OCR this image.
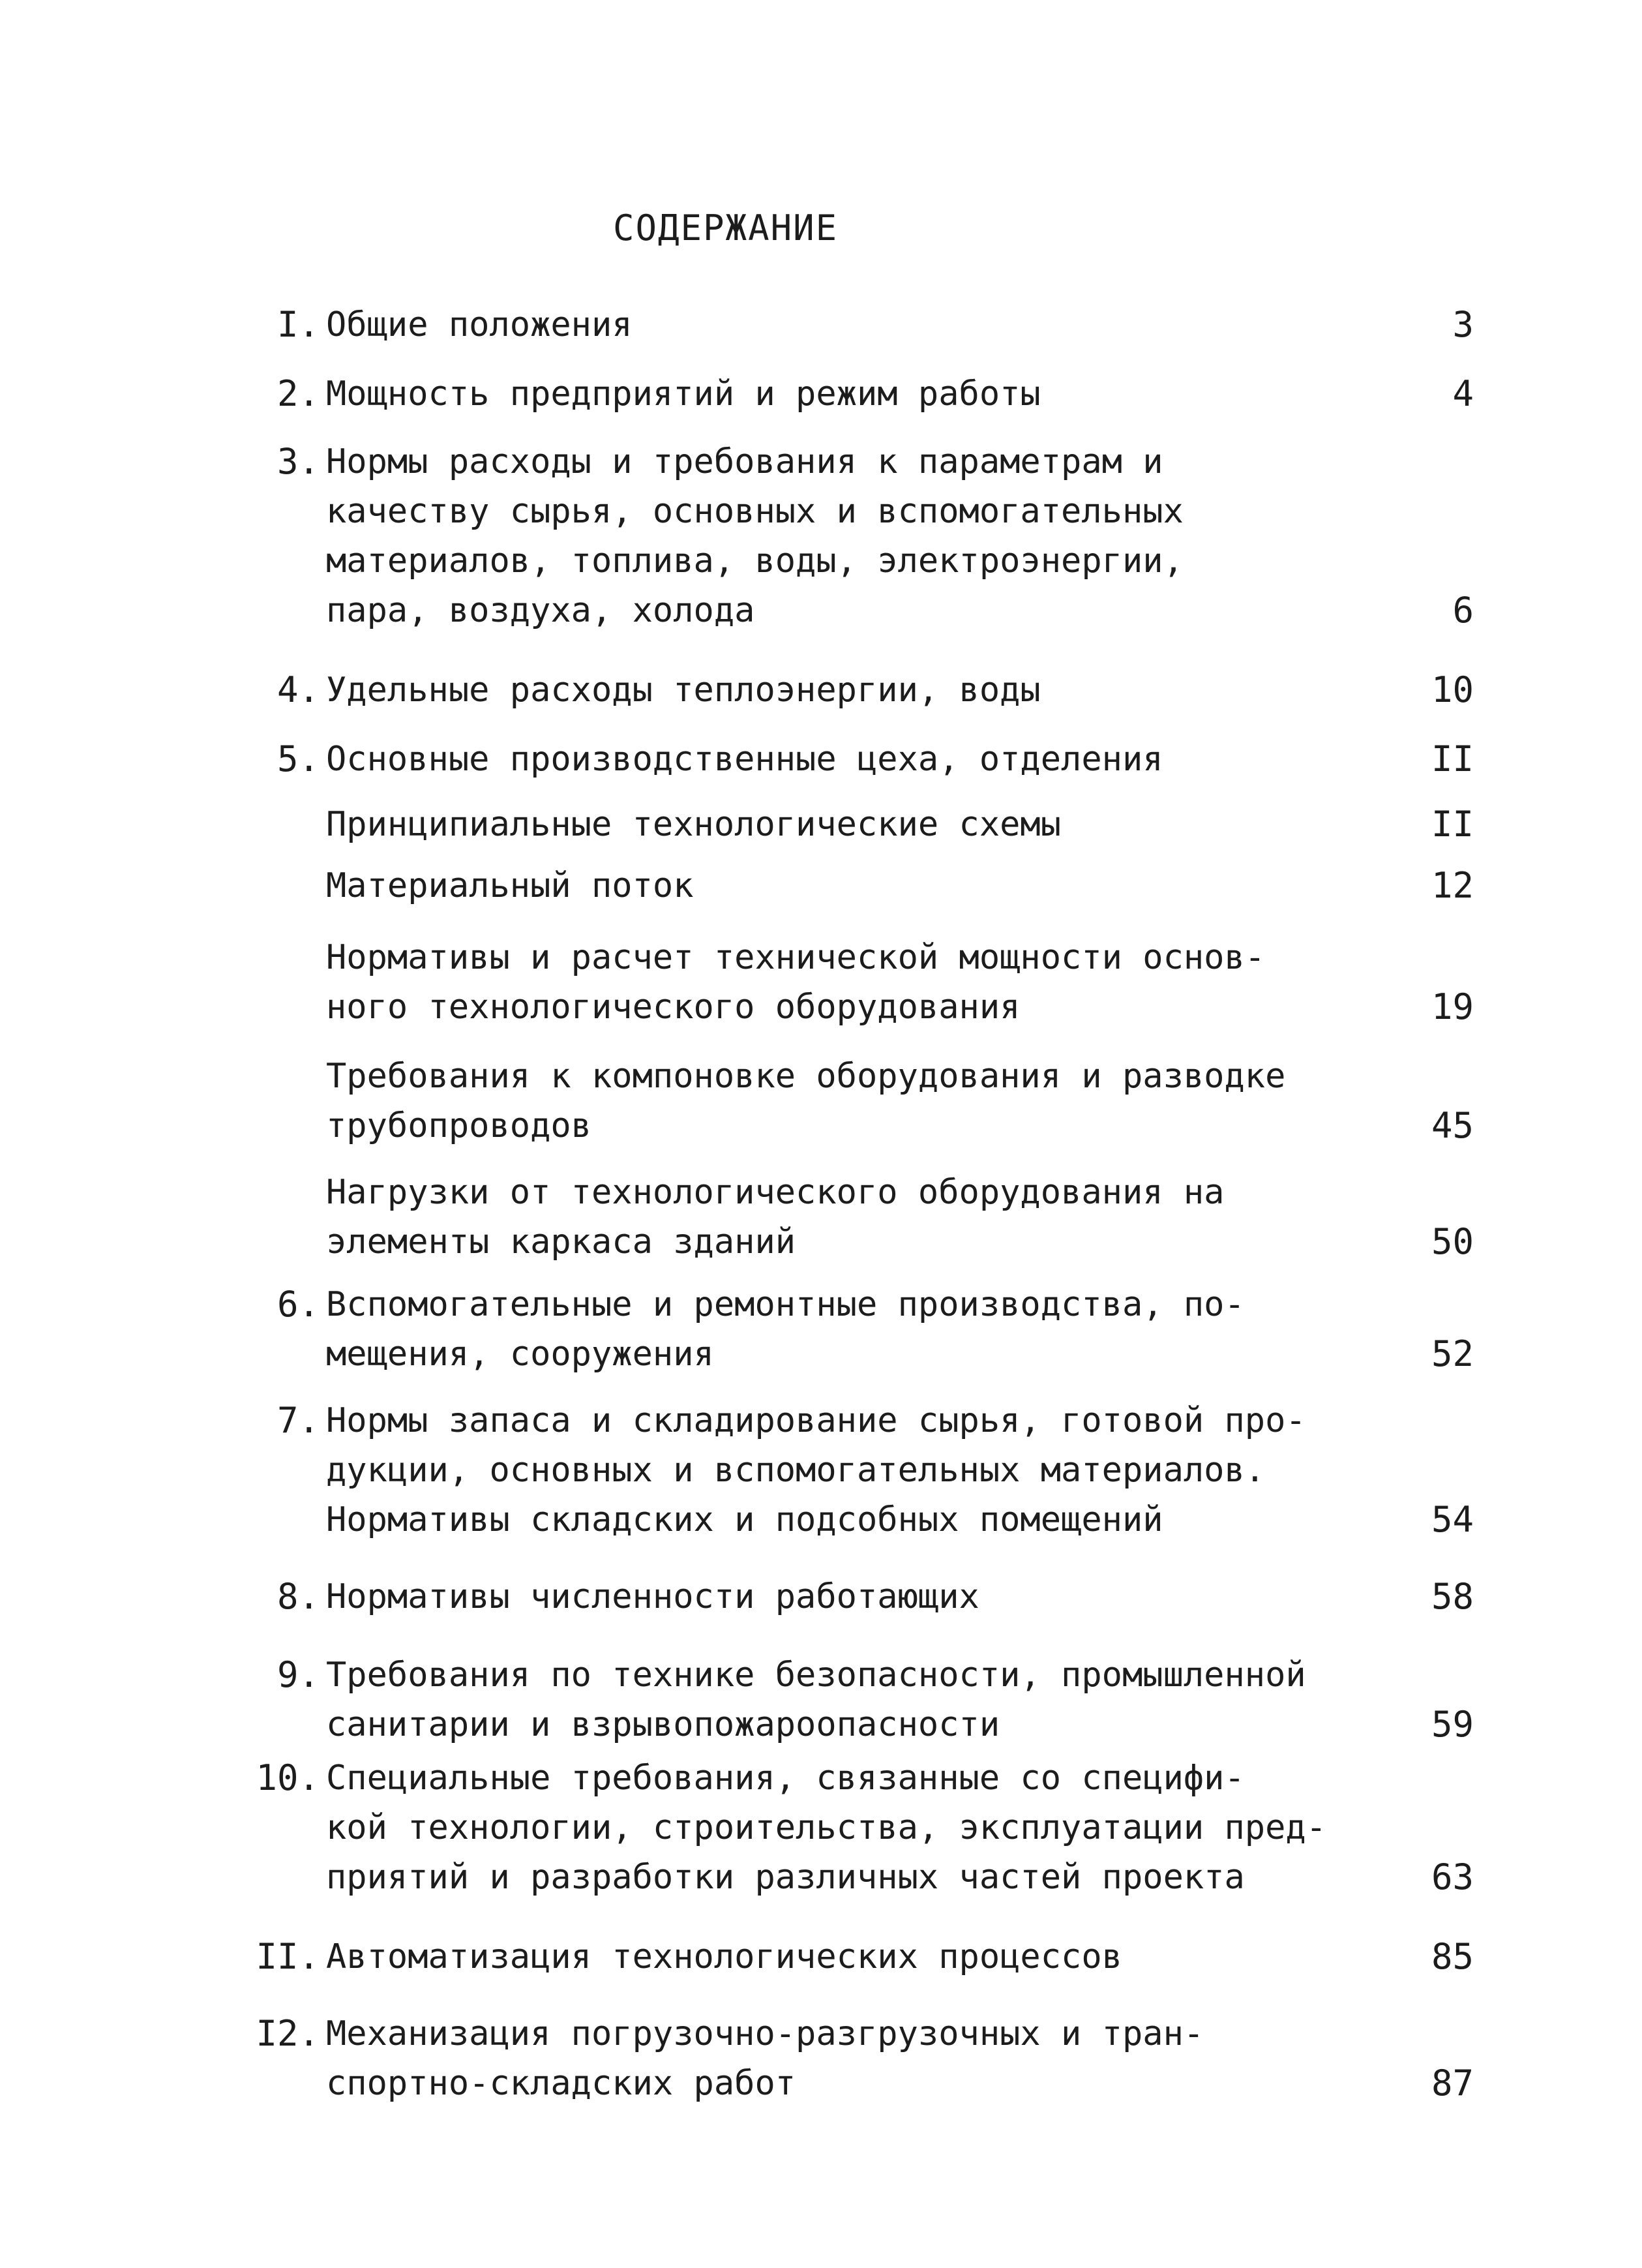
СОДЕРЖАНИЕ
I. Общие положения	3
2. Мощность предприятий и режим работы	4
3. Нормы расходы и требования к параметрам и
качеству сырья, основных и вспомогательных
материалов, топлива, воды, электроэнергии,
пара, воздуха, холода	6
4. Удельные расходы теплоэнергии, воды	10
5. Основные производственные цеха, отделения	II
Принципиальные технологические схемы	II
Материальный поток	12
Нормативы и расчет технической мощности основ-
ного технологического оборудования	19
Требования к компоновке оборудования и разводке
трубопроводов	45
Нагрузки от технологического оборудования на
элементы каркаса зданий	50
6. Вспомогательные и ремонтные производства, по-
мещения, сооружения	52
7. Нормы запаса и складирование сырья, готовой про-
дукции, основных и вспомогательных материалов.
Нормативы складских и подсобных помещений	54
8. Нормативы численности работающих	58
9. Требования по технике безопасности, промышленной
санитарии и взрывопожароопасности	59
10. Специальные требования, связанные со специфи-
кой технологии, строительства, эксплуатации пред-
приятий и разработки различных частей проекта	63
II. Автоматизация технологических процессов	85
I2. Механизация погрузочно-разгрузочных и тран-
спортно-складских работ	87
